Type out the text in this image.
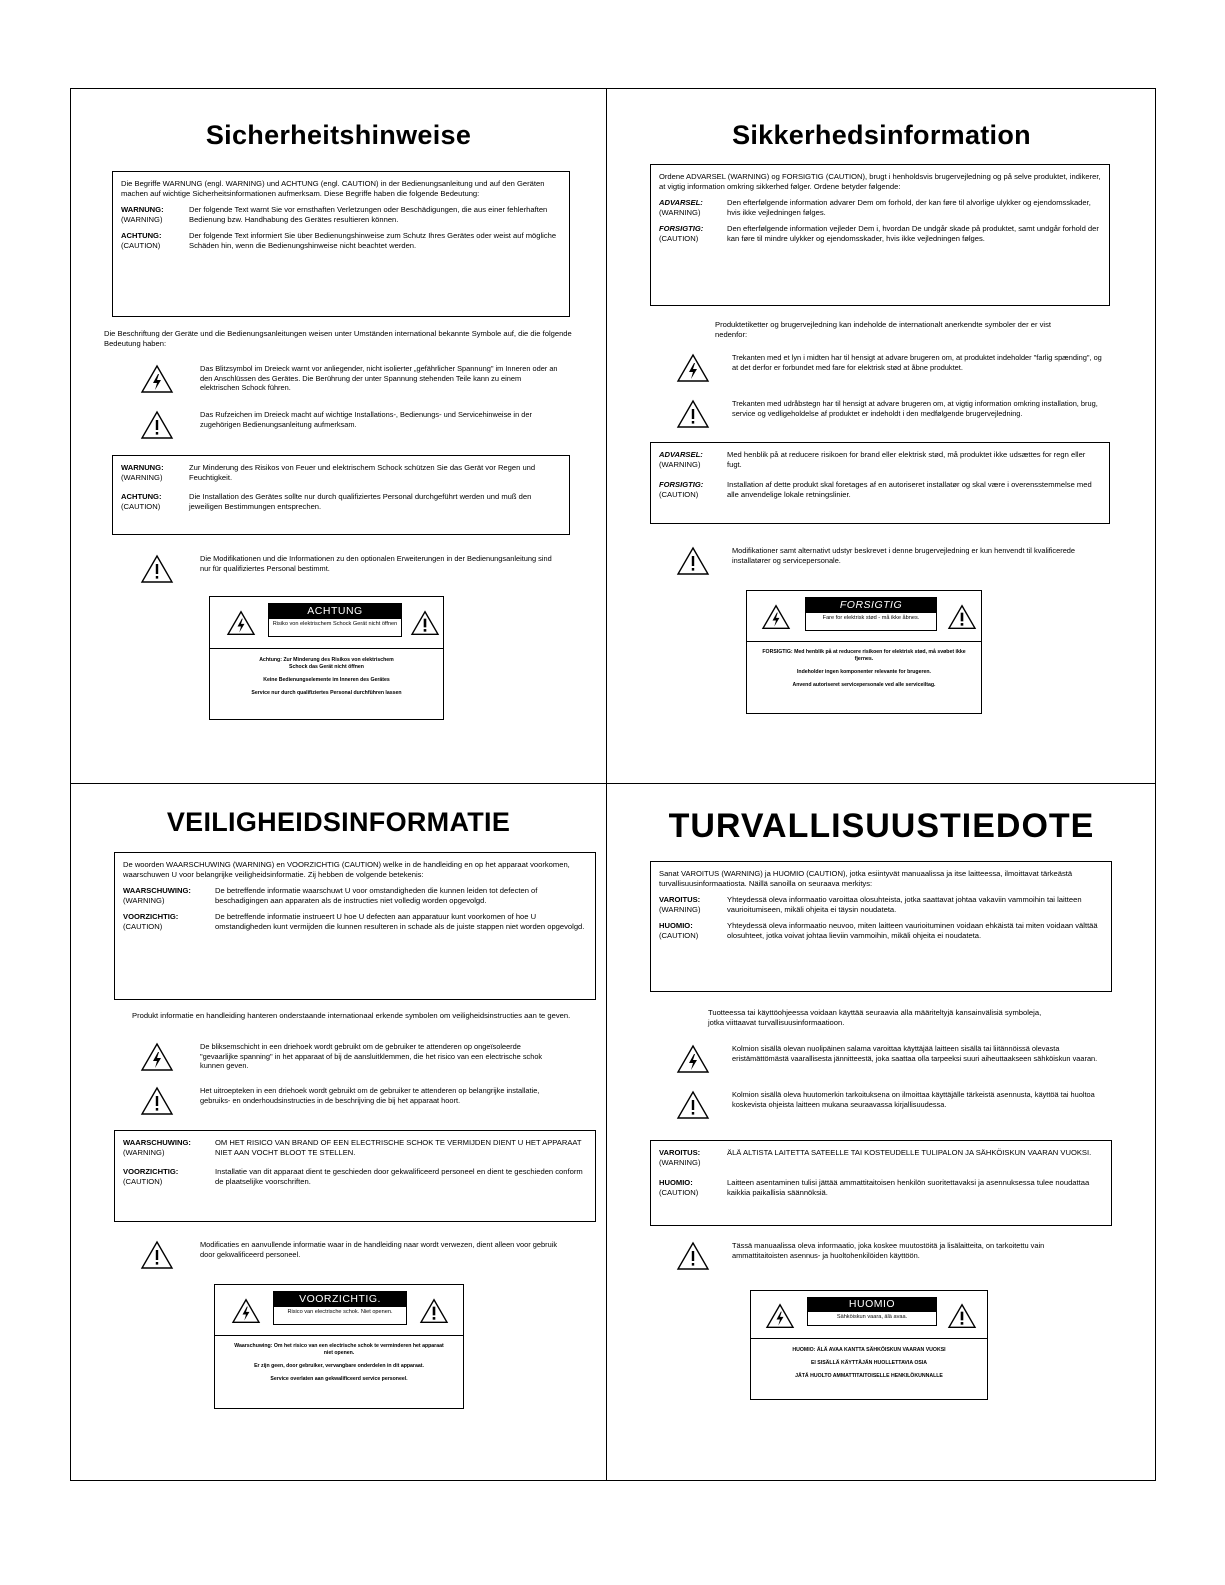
Sicherheitshinweise

Die Begriffe WARNUNG (engl. WARNING) und ACHTUNG (engl. CAUTION) in der Bedienungsanleitung und auf den Geräten machen auf wichtige Sicherheitsinformationen aufmerksam. Diese Begriffe haben die folgende Bedeutung:

WARNUNG:
(WARNING)
Der folgende Text warnt Sie vor ernsthaften Verletzungen oder Beschädigungen, die aus einer fehlerhaften Bedienung bzw. Handhabung des Gerätes resultieren können.
ACHTUNG:
(CAUTION)
Der folgende Text informiert Sie über Bedienungshinweise zum Schutz Ihres Gerätes oder weist auf mögliche Schäden hin, wenn die Bedienungshinweise nicht beachtet werden.
Die Beschriftung der Geräte und die Bedienungsanleitungen weisen unter Umständen international bekannte Symbole auf, die die folgende Bedeutung haben:
Das Blitzsymbol im Dreieck warnt vor anliegender, nicht isolierter „gefährlicher Spannung" im Inneren oder an den Anschlüssen des Gerätes. Die Berührung der unter Spannung stehenden Teile kann zu einem elektrischen Schock führen.
Das Rufzeichen im Dreieck macht auf wichtige Installations-, Bedienungs- und Servicehinweise in der zugehörigen Bedienungsanleitung aufmerksam.
WARNUNG:
(WARNING)
Zur Minderung des Risikos von Feuer und elektrischem Schock schützen Sie das Gerät vor Regen und Feuchtigkeit.
ACHTUNG:
(CAUTION)
Die Installation des Gerätes sollte nur durch qualifiziertes Personal durchgeführt werden und muß den jeweiligen Bestimmungen entsprechen.
Die Modifikationen und die Informationen zu den optionalen Erweiterungen in der Bedienungsanleitung sind nur für qualifiziertes Personal bestimmt.
ACHTUNG
Risiko von elektrischem Schock Gerät nicht öffnen
Achtung: Zur Minderung des Risikos von elektrischem Schock das Gerät nicht öffnen
Keine Bedienungselemente im Inneren des Gerätes
Service nur durch qualifiziertes Personal durchführen lassen
Sikkerhedsinformation

Ordene ADVARSEL (WARNING) og FORSIGTIG (CAUTION), brugt i henholdsvis brugervejledning og på selve produktet, indikerer, at vigtig information omkring sikkerhed følger. Ordene betyder følgende:

ADVARSEL:
(WARNING)
Den efterfølgende information advarer Dem om forhold, der kan føre til alvorlige ulykker og ejendomsskader, hvis ikke vejledningen følges.
FORSIGTIG:
(CAUTION)
Den efterfølgende information vejleder Dem i, hvordan De undgår skade på produktet, samt undgår forhold der kan føre til mindre ulykker og ejendomsskader, hvis ikke vejledningen følges.
Produktetiketter og brugervejledning kan indeholde de internationalt anerkendte symboler der er vist nedenfor:
Trekanten med et lyn i midten har til hensigt at advare brugeren om, at produktet indeholder "farlig spænding", og at det derfor er forbundet med fare for elektrisk stød at åbne produktet.
Trekanten med udråbstegn har til hensigt at advare brugeren om, at vigtig information omkring installation, brug, service og vedligeholdelse af produktet er indeholdt i den medfølgende brugervejledning.
ADVARSEL:
(WARNING)
Med henblik på at reducere risikoen for brand eller elektrisk stød, må produktet ikke udsættes for regn eller fugt.
FORSIGTIG:
(CAUTION)
Installation af dette produkt skal foretages af en autoriseret installatør og skal være i overensstemmelse med alle anvendelige lokale retningslinier.
Modifikationer samt alternativt udstyr beskrevet i denne brugervejledning er kun henvendt til kvalificerede installatører og servicepersonale.
FORSIGTIG
Fare for elektrisk stød - må ikke åbnes.
FORSIGTIG: Med henblik på at reducere risikoen for elektrisk stød, må svøbet ikke fjernes.
Indeholder ingen komponenter relevante for brugeren.
Anvend autoriseret servicepersonale ved alle serviceiltag.
VEILIGHEIDSINFORMATIE

De woorden WAARSCHUWING (WARNING) en VOORZICHTIG (CAUTION) welke in de handleiding en op het apparaat voorkomen, waarschuwen U voor belangrijke veiligheidsinformatie. Zij hebben de volgende betekenis:

WAARSCHUWING:
(WARNING)
De betreffende informatie waarschuwt U voor omstandigheden die kunnen leiden tot defecten of beschadigingen aan apparaten als de instructies niet volledig worden opgevolgd.
VOORZICHTIG:
(CAUTION)
De betreffende informatie instrueert U hoe U defecten aan apparatuur kunt voorkomen of hoe U omstandigheden kunt vermijden die kunnen resulteren in schade als de juiste stappen niet worden opgevolgd.
Produkt informatie en handleiding hanteren onderstaande internationaal erkende symbolen om veiligheidsinstructies aan te geven.
De bliksemschicht in een driehoek wordt gebruikt om de gebruiker te attenderen op ongeïsoleerde "gevaarlijke spanning" in het apparaat of bij de aansluitklemmen, die het risico van een electrische schok kunnen geven.
Het uitroepteken in een driehoek wordt gebruikt om de gebruiker te attenderen op belangrijke installatie, gebruiks- en onderhoudsinstructies in de beschrijving die bij het apparaat hoort.
WAARSCHUWING:
(WARNING)
OM HET RISICO VAN BRAND OF EEN ELECTRISCHE SCHOK TE VERMIJDEN DIENT U HET APPARAAT NIET AAN VOCHT BLOOT TE STELLEN.
VOORZICHTIG:
(CAUTION)
Installatie van dit apparaat dient te geschieden door gekwalificeerd personeel en dient te geschieden conform de plaatselijke voorschriften.
Modificaties en aanvullende informatie waar in de handleiding naar wordt verwezen, dient alleen voor gebruik door gekwalificeerd personeel.
VOORZICHTIG.
Risico van electrische schok. Niet openen.
Waarschuwing: Om het risico van een electrische schok te verminderen het apparaat niet openen.
Er zijn geen, door gebruiker, vervangbare onderdelen in dit apparaat.
Service overlaten aan gekwalificeerd service personeel.
TURVALLISUUSTIEDOTE

Sanat VAROITUS (WARNING) ja HUOMIO (CAUTION), jotka esiintyvät manuaalissa ja itse laitteessa, ilmoittavat tärkeästä turvallisuusinformaatiosta. Näillä sanoilla on seuraava merkitys:

VAROITUS:
(WARNING)
Yhteydessä oleva informaatio varoittaa olosuhteista, jotka saattavat johtaa vakaviin vammoihin tai laitteen vaurioitumiseen, mikäli ohjeita ei täysin noudateta.
HUOMIO:
(CAUTION)
Yhteydessä oleva informaatio neuvoo, miten laitteen vaurioituminen voidaan ehkäistä tai miten voidaan välttää olosuhteet, jotka voivat johtaa lieviin vammoihin, mikäli ohjeita ei noudateta.
Tuotteessa tai käyttöohjeessa voidaan käyttää seuraavia alla määriteltyjä kansainvälisiä symboleja, jotka viittaavat turvallisuusinformaatioon.
Kolmion sisällä olevan nuolipäinen salama varoittaa käyttäjää laitteen sisällä tai liitännöissä olevasta eristämättömästä vaarallisesta jännitteestä, joka saattaa olla tarpeeksi suuri aiheuttaakseen sähköiskun vaaran.
Kolmion sisällä oleva huutomerkin tarkoituksena on ilmoittaa käyttäjälle tärkeistä asennusta, käyttöä tai huoltoa koskevista ohjeista laitteen mukana seuraavassa kirjallisuudessa.
VAROITUS:
(WARNING)
ÄLÄ ALTISTA LAITETTA SATEELLE TAI KOSTEUDELLE TULIPALON JA SÄHKÖISKUN VAARAN VUOKSI.
HUOMIO:
(CAUTION)
Laitteen asentaminen tulisi jättää ammattitaitoisen henkilön suoritettavaksi ja asennuksessa tulee noudattaa kaikkia paikallisia säännöksiä.
Tässä manuaalissa oleva informaatio, joka koskee muutostöitä ja lisälaitteita, on tarkoitettu vain ammattitaitoisten asennus- ja huoltohenkilöiden käyttöön.
HUOMIO
Sähköiskun vaara, älä avaa.
HUOMIO: ÄLÄ AVAA KANTTA SÄHKÖISKUN VAARAN VUOKSI
EI SISÄLLÄ KÄYTTÄJÄN HUOLLETTAVIA OSIA
JÄTÄ HUOLTO AMMATTITAITOISELLE HENKILÖKUNNALLE
